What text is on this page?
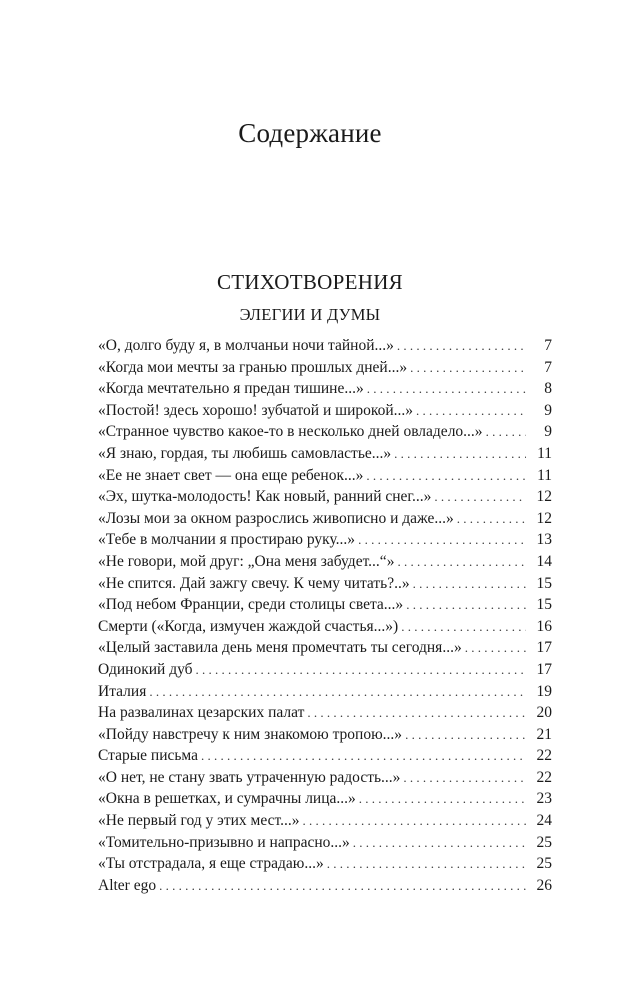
Содержание
СТИХОТВОРЕНИЯ
ЭЛЕГИИ И ДУМЫ
«О, долго буду я, в молчаньи ночи тайной...» . . .	7
«Когда мои мечты за гранью прошлых дней...» . . .	7
«Когда мечтательно я предан тишине...» . . .	8
«Постой! здесь хорошо! зубчатой и широкой...» . . .	9
«Странное чувство какое-то в несколько дней овладело...» . . .	9
«Я знаю, гордая, ты любишь самовластье...» . . .	11
«Ее не знает свет — она еще ребенок...» . . .	11
«Эх, шутка-молодость! Как новый, ранний снег...» . . .	12
«Лозы мои за окном разрослись живописно и даже...» . . .	12
«Тебе в молчании я простираю руку...» . . .	13
«Не говори, мой друг: „Она меня забудет...“» . . .	14
«Не спится. Дай зажгу свечу. К чему читать?..» . . .	15
«Под небом Франции, среди столицы света...» . . .	15
Смерти («Когда, измучен жаждой счастья...») . . .	16
«Целый заставила день меня промечтать ты сегодня...» . . .	17
Одинокий дуб . . .	17
Италия . . .	19
На развалинах цезарских палат . . .	20
«Пойду навстречу к ним знакомою тропою...» . . .	21
Старые письма . . .	22
«О нет, не стану звать утраченную радость...» . . .	22
«Окна в решетках, и сумрачны лица...» . . .	23
«Не первый год у этих мест...» . . .	24
«Томительно-призывно и напрасно...» . . .	25
«Ты отстрадала, я еще страдаю...» . . .	25
Alter ego . . .	26
